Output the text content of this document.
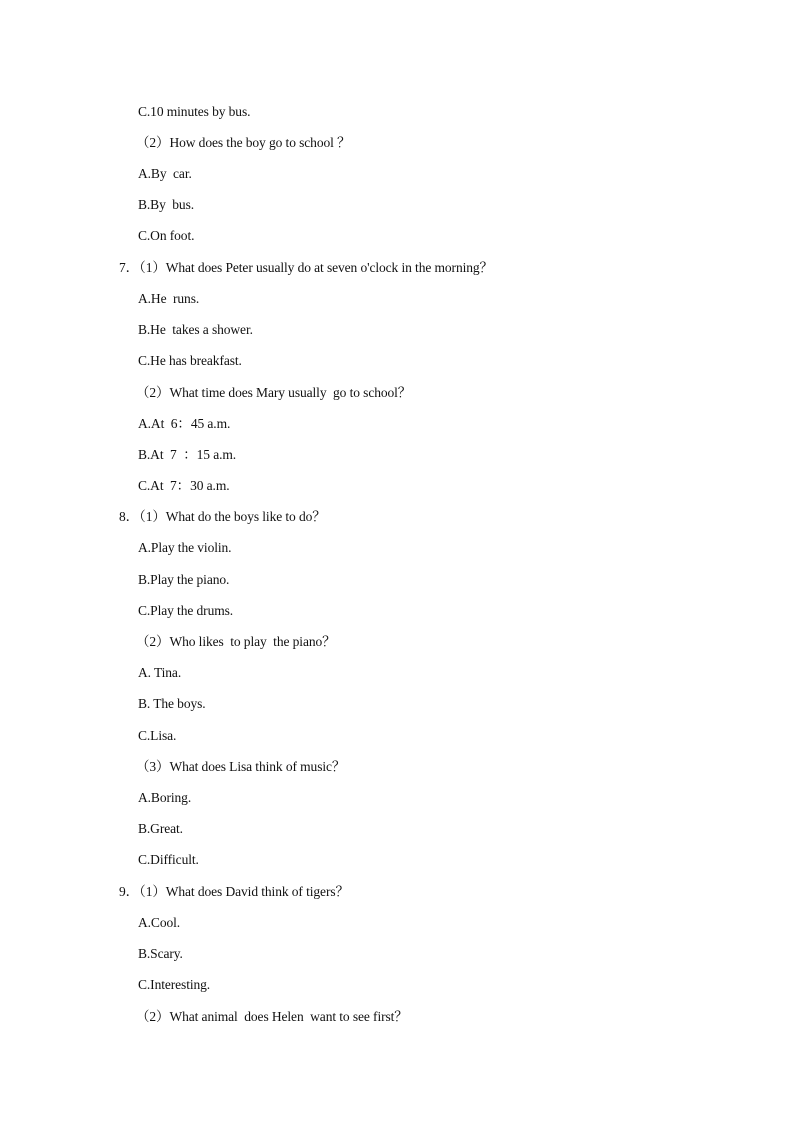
C.10 minutes by bus.
（2）How does the boy go to school ？
A.By  car.
B.By  bus.
C.On foot.
7．（1）What does Peter usually do at seven o'clock in the morning？
A.He  runs.
B.He  takes a shower.
C.He has breakfast.
（2）What time does Mary usually  go to school？
A.At  6：45 a.m.
B.At  7  ：15 a.m.
C.At  7：30 a.m.
8．（1）What do the boys like to do？
A.Play the violin.
B.Play the piano.
C.Play the drums.
（2）Who likes  to play  the piano？
A. Tina.
B. The boys.
C.Lisa.
（3）What does Lisa think of music？
A.Boring.
B.Great.
C.Difficult.
9．（1）What does David think of tigers？
A.Cool.
B.Scary.
C.Interesting.
（2）What animal  does Helen  want to see first？
